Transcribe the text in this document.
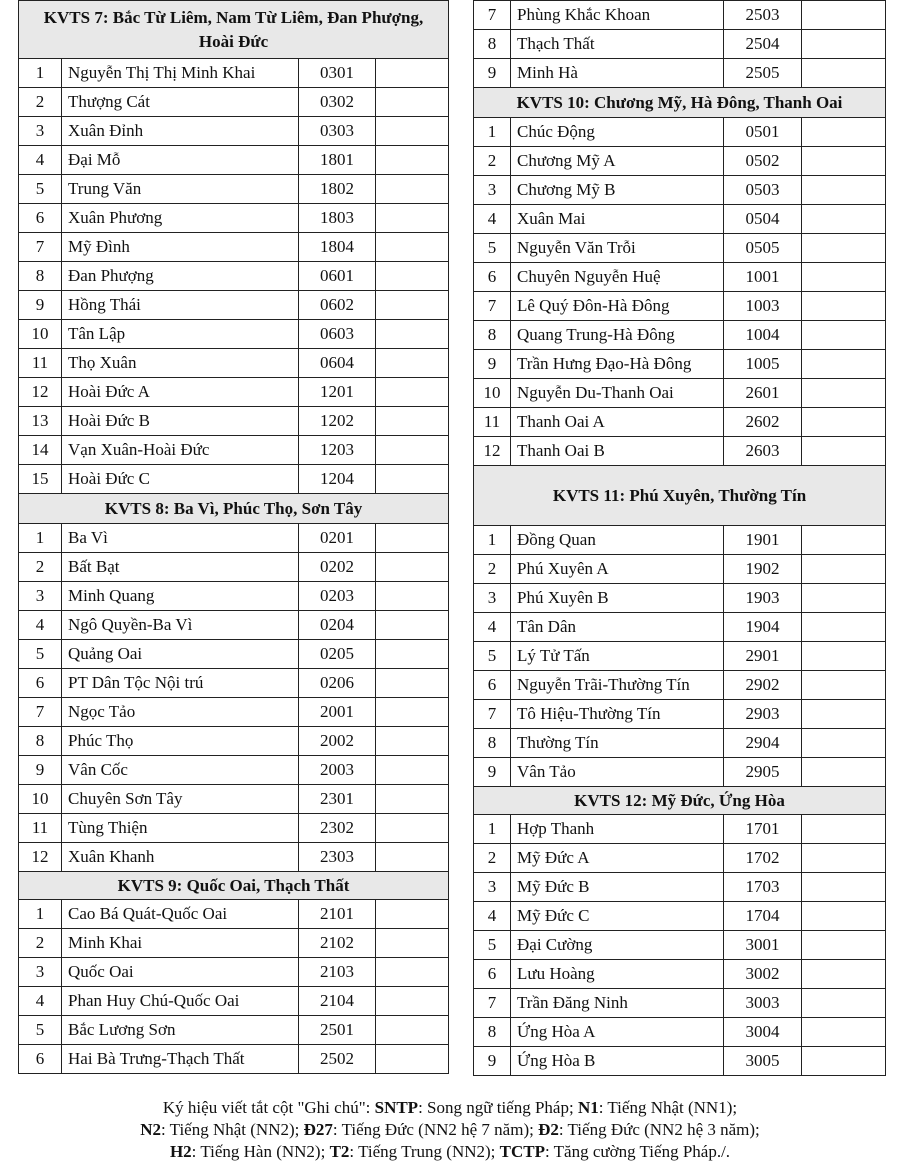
KVTS 7: Bắc Từ Liêm, Nam Từ Liêm, Đan Phượng, Hoài Đức			
1	Nguyễn Thị Thị Minh Khai	0301	
2	Thượng Cát	0302	
3	Xuân Đỉnh	0303	
4	Đại Mỗ	1801	
5	Trung Văn	1802	
6	Xuân Phương	1803	
7	Mỹ Đình	1804	
8	Đan Phượng	0601	
9	Hồng Thái	0602	
10	Tân Lập	0603	
11	Thọ Xuân	0604	
12	Hoài Đức A	1201	
13	Hoài Đức B	1202	
14	Vạn Xuân-Hoài Đức	1203	
15	Hoài Đức C	1204	
KVTS 8: Ba Vì, Phúc Thọ, Sơn Tây			
1	Ba Vì	0201	
2	Bất Bạt	0202	
3	Minh Quang	0203	
4	Ngô Quyền-Ba Vì	0204	
5	Quảng Oai	0205	
6	PT Dân Tộc Nội trú	0206	
7	Ngọc Tảo	2001	
8	Phúc Thọ	2002	
9	Vân Cốc	2003	
10	Chuyên Sơn Tây	2301	
11	Tùng Thiện	2302	
12	Xuân Khanh	2303	
KVTS 9: Quốc Oai, Thạch Thất			
1	Cao Bá Quát-Quốc Oai	2101	
2	Minh Khai	2102	
3	Quốc Oai	2103	
4	Phan Huy Chú-Quốc Oai	2104	
5	Bắc Lương Sơn	2501	
6	Hai Bà Trưng-Thạch Thất	2502	
7	Phùng Khắc Khoan	2503	
8	Thạch Thất	2504	
9	Minh Hà	2505	
KVTS 10: Chương Mỹ, Hà Đông, Thanh Oai			
1	Chúc Động	0501	
2	Chương Mỹ A	0502	
3	Chương Mỹ B	0503	
4	Xuân Mai	0504	
5	Nguyễn Văn Trỗi	0505	
6	Chuyên Nguyễn Huệ	1001	
7	Lê Quý Đôn-Hà Đông	1003	
8	Quang Trung-Hà Đông	1004	
9	Trần Hưng Đạo-Hà Đông	1005	
10	Nguyễn Du-Thanh Oai	2601	
11	Thanh Oai A	2602	
12	Thanh Oai B	2603	
KVTS 11: Phú Xuyên, Thường Tín			
1	Đồng Quan	1901	
2	Phú Xuyên A	1902	
3	Phú Xuyên B	1903	
4	Tân Dân	1904	
5	Lý Tử Tấn	2901	
6	Nguyễn Trãi-Thường Tín	2902	
7	Tô Hiệu-Thường Tín	2903	
8	Thường Tín	2904	
9	Vân Tảo	2905	
KVTS 12: Mỹ Đức, Ứng Hòa			
1	Hợp Thanh	1701	
2	Mỹ Đức A	1702	
3	Mỹ Đức B	1703	
4	Mỹ Đức C	1704	
5	Đại Cường	3001	
6	Lưu Hoàng	3002	
7	Trần Đăng Ninh	3003	
8	Ứng Hòa A	3004	
9	Ứng Hòa B	3005	
Ký hiệu viết tắt cột "Ghi chú": SNTP: Song ngữ tiếng Pháp; N1: Tiếng Nhật (NN1);
N2: Tiếng Nhật (NN2); Đ27: Tiếng Đức (NN2 hệ 7 năm); Đ2: Tiếng Đức (NN2 hệ 3 năm);
H2: Tiếng Hàn (NN2); T2: Tiếng Trung (NN2); TCTP: Tăng cường Tiếng Pháp./.
